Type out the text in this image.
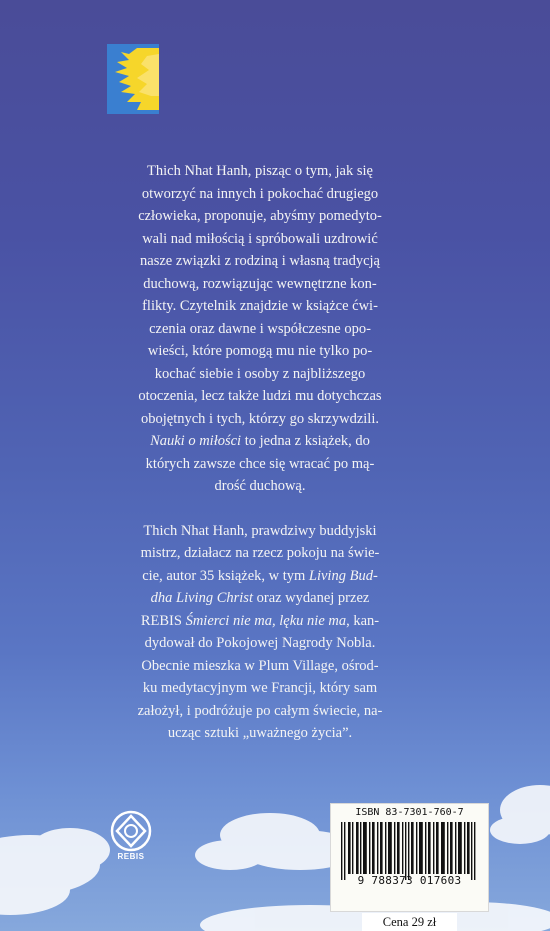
Thich Nhat Hanh, pisząc o tym, jak się
otworzyć na innych i pokochać drugiego
człowieka, proponuje, abyśmy pomedyto-
wali nad miłością i spróbowali uzdrowić
nasze związki z rodziną i własną tradycją
duchową, rozwiązując wewnętrzne kon-
flikty. Czytelnik znajdzie w książce ćwi-
czenia oraz dawne i współczesne opo-
wieści, które pomogą mu nie tylko po-
kochać siebie i osoby z najbliższego
otoczenia, lecz także ludzi mu dotychczas
obojętnych i tych, którzy go skrzywdzili.
Nauki o miłości to jedna z książek, do
których zawsze chce się wracać po mą-
drość duchową.

Thich Nhat Hanh, prawdziwy buddyjski
mistrz, działacz na rzecz pokoju na świe-
cie, autor 35 książek, w tym Living Bud-
dha Living Christ oraz wydanej przez
REBIS Śmierci nie ma, lęku nie ma, kan-
dydował do Pokojowej Nagrody Nobla.
Obecnie mieszka w Plum Village, ośrod-
ku medytacyjnym we Francji, który sam
założył, i podróżuje po całym świecie, na-
ucząc sztuki „uważnego życia”.

REBIS
ISBN 83-7301-760-7
9 788373 017603
Cena 29 zł
